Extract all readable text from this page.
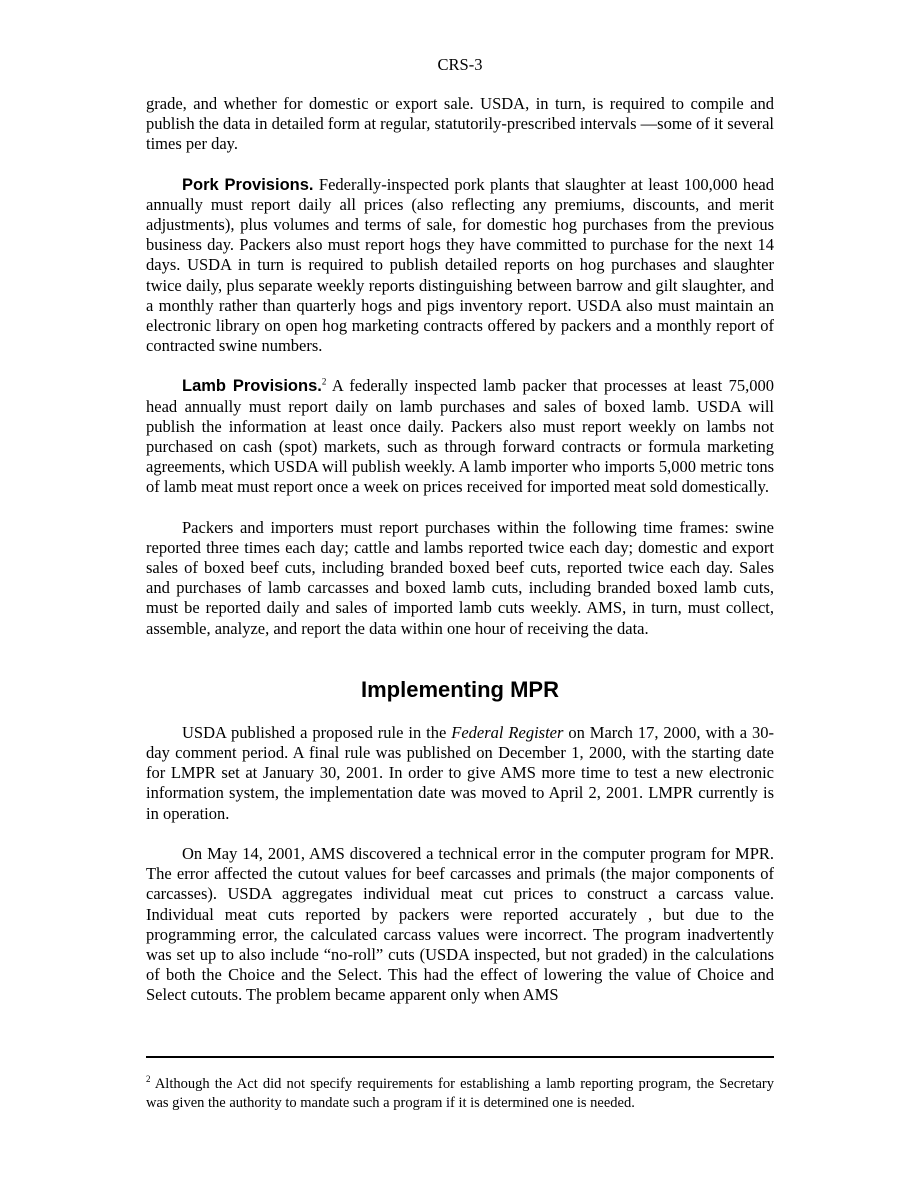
CRS-3

grade, and whether for domestic or export sale. USDA, in turn, is required to compile and publish the data in detailed form at regular, statutorily-prescribed intervals —some of it several times per day.

Pork Provisions. Federally-inspected pork plants that slaughter at least 100,000 head annually must report daily all prices (also reflecting any premiums, discounts, and merit adjustments), plus volumes and terms of sale, for domestic hog purchases from the previous business day. Packers also must report hogs they have committed to purchase for the next 14 days. USDA in turn is required to publish detailed reports on hog purchases and slaughter twice daily, plus separate weekly reports distinguishing between barrow and gilt slaughter, and a monthly rather than quarterly hogs and pigs inventory report. USDA also must maintain an electronic library on open hog marketing contracts offered by packers and a monthly report of contracted swine numbers.

Lamb Provisions.$^2$ A federally inspected lamb packer that processes at least 75,000 head annually must report daily on lamb purchases and sales of boxed lamb. USDA will publish the information at least once daily. Packers also must report weekly on lambs not purchased on cash (spot) markets, such as through forward contracts or formula marketing agreements, which USDA will publish weekly. A lamb importer who imports 5,000 metric tons of lamb meat must report once a week on prices received for imported meat sold domestically.

Packers and importers must report purchases within the following time frames: swine reported three times each day; cattle and lambs reported twice each day; domestic and export sales of boxed beef cuts, including branded boxed beef cuts, reported twice each day. Sales and purchases of lamb carcasses and boxed lamb cuts, including branded boxed lamb cuts, must be reported daily and sales of imported lamb cuts weekly. AMS, in turn, must collect, assemble, analyze, and report the data within one hour of receiving the data.

Implementing MPR

USDA published a proposed rule in the Federal Register on March 17, 2000, with a 30-day comment period. A final rule was published on December 1, 2000, with the starting date for LMPR set at January 30, 2001. In order to give AMS more time to test a new electronic information system, the implementation date was moved to April 2, 2001. LMPR currently is in operation.

On May 14, 2001, AMS discovered a technical error in the computer program for MPR. The error affected the cutout values for beef carcasses and primals (the major components of carcasses). USDA aggregates individual meat cut prices to construct a carcass value. Individual meat cuts reported by packers were reported accurately , but due to the programming error, the calculated carcass values were incorrect. The program inadvertently was set up to also include “no-roll” cuts (USDA inspected, but not graded) in the calculations of both the Choice and the Select. This had the effect of lowering the value of Choice and Select cutouts. The problem became apparent only when AMS

$^2$ Although the Act did not specify requirements for establishing a lamb reporting program, the Secretary was given the authority to mandate such a program if it is determined one is needed.
